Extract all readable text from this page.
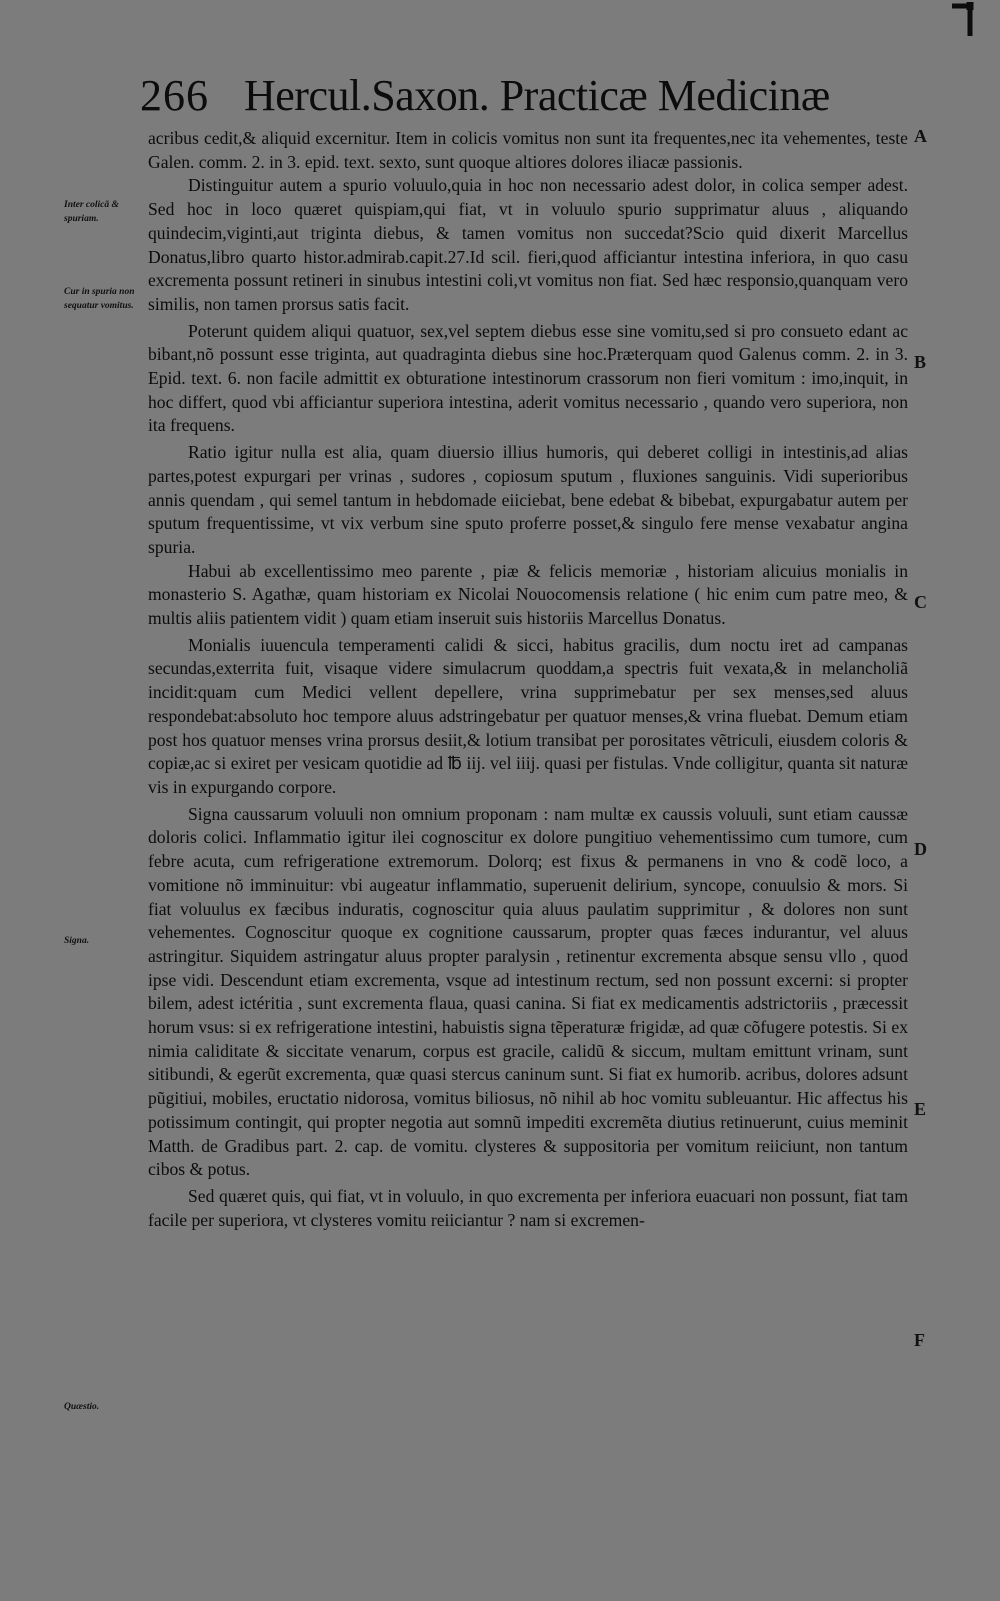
266 Hercul.Saxon. Practicæ Medicinæ
Inter colicã & spuriam.
Cur in spuria non sequatur vomitus.
Signa.
Quæstio.
A
B
C
D
E
F

acribus cedit,& aliquid excernitur. Item in colicis vomitus non sunt ita frequentes,nec ita vehementes, teste Galen. comm. 2. in 3. epid. text. sexto, sunt quoque altiores dolores iliacæ passionis.

Distinguitur autem a spurio voluulo,quia in hoc non necessario adest dolor, in colica semper adest. Sed hoc in loco quæret quispiam,qui fiat, vt in voluulo spurio supprimatur aluus , aliquando quindecim,viginti,aut triginta diebus, & tamen vomitus non succedat?Scio quid dixerit Marcellus Donatus,libro quarto histor.admirab.capit.27.Id scil. fieri,quod afficiantur intestina inferiora, in quo casu excrementa possunt retineri in sinubus intestini coli,vt vomitus non fiat. Sed hæc responsio,quanquam vero similis, non tamen prorsus satis facit.

Poterunt quidem aliqui quatuor, sex,vel septem diebus esse sine vomitu,sed si pro consueto edant ac bibant,nõ possunt esse triginta, aut quadraginta diebus sine hoc.Prӕterquam quod Galenus comm. 2. in 3. Epid. text. 6. non facile admittit ex obturatione intestinorum crassorum non fieri vomitum : imo,inquit, in hoc differt, quod vbi afficiantur superiora intestina, aderit vomitus necessario , quando vero superiora, non ita frequens.

Ratio igitur nulla est alia, quam diuersio illius humoris, qui deberet colligi in intestinis,ad alias partes,potest expurgari per vrinas , sudores , copiosum sputum , fluxiones sanguinis. Vidi superioribus annis quendam , qui semel tantum in hebdomade eiiciebat, bene edebat & bibebat, expurgabatur autem per sputum frequentissime, vt vix verbum sine sputo proferre posset,& singulo fere mense vexabatur angina spuria.

Habui ab excellentissimo meo parente , piæ & felicis memoriæ , historiam alicuius monialis in monasterio S. Agathæ, quam historiam ex Nicolai Nouocomensis relatione ( hic enim cum patre meo, & multis aliis patientem vidit ) quam etiam inseruit suis historiis Marcellus Donatus.

Monialis iuuencula temperamenti calidi & sicci, habitus gracilis, dum noctu iret ad campanas secundas,exterrita fuit, visaque videre simulacrum quoddam,a spectris fuit vexata,& in melancholiã incidit:quam cum Medici vellent depellere, vrina supprimebatur per sex menses,sed aluus respondebat:absoluto hoc tempore aluus adstringebatur per quatuor menses,& vrina fluebat. Demum etiam post hos quatuor menses vrina prorsus desiit,& lotium transibat per porositates vẽtriculi, eiusdem coloris & copiæ,ac si exiret per vesicam quotidie ad ℔ iij. vel iiij. quasi per fistulas. Vnde colligitur, quanta sit naturæ vis in expurgando corpore.

Signa caussarum voluuli non omnium proponam : nam multæ ex caussis voluuli, sunt etiam caussæ doloris colici. Inflammatio igitur ilei cognoscitur ex dolore pungitiuo vehementissimo cum tumore, cum febre acuta, cum refrigeratione extremorum. Dolorq; est fixus & permanens in vno & codẽ loco, a vomitione nõ imminuitur: vbi augeatur inflammatio, superuenit delirium, syncope, conuulsio & mors. Si fiat voluulus ex fæcibus induratis, cognoscitur quia aluus paulatim supprimitur , & dolores non sunt vehementes. Cognoscitur quoque ex cognitione caussarum, propter quas fæces indurantur, vel aluus astringitur. Siquidem astringatur aluus propter paralysin , retinentur excrementa absque sensu vllo , quod ipse vidi. Descendunt etiam excrementa, vsque ad intestinum rectum, sed non possunt excerni: si propter bilem, adest ictéritia , sunt excrementa flaua, quasi canina. Si fiat ex medicamentis adstrictoriis , præcessit horum vsus: si ex refrigeratione intestini, habuistis signa tẽperaturæ frigidæ, ad quæ cõfugere potestis. Si ex nimia caliditate & siccitate venarum, corpus est gracile, calidũ & siccum, multam emittunt vrinam, sunt sitibundi, & egerũt excrementa, quæ quasi stercus caninum sunt. Si fiat ex humorib. acribus, dolores adsunt pũgitiui, mobiles, eructatio nidorosa, vomitus biliosus, nõ nihil ab hoc vomitu subleuantur. Hic affectus his potissimum contingit, qui propter negotia aut somnũ impediti excremẽta diutius retinuerunt, cuius meminit Matth. de Gradibus part. 2. cap. de vomitu. clysteres & suppositoria per vomitum reiiciunt, non tantum cibos & potus.

Sed quæret quis, qui fiat, vt in voluulo, in quo excrementa per inferiora euacuari non possunt, fiat tam facile per superiora, vt clysteres vomitu reiiciantur ? nam si excremen-
